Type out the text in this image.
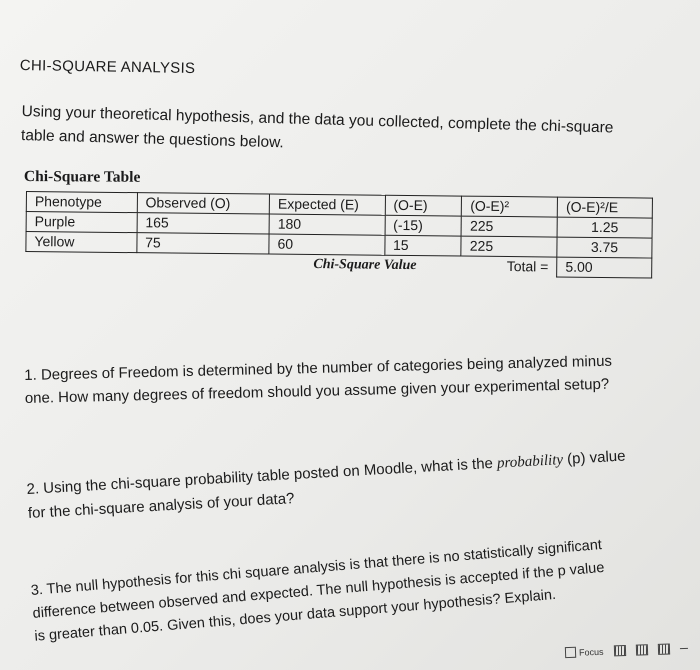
CHI-SQUARE ANALYSIS
Using your theoretical hypothesis, and the data you collected, complete the chi-square table and answer the questions below.
Chi-Square Table
Phenotype	Observed (O)	Expected (E)	(O-E)	(O-E)²	(O-E)²/E
Purple	165	180	(-15)	225	1.25
Yellow	75	60	15	225	3.75
		Chi-Square Value		Total =	5.00
1. Degrees of Freedom is determined by the number of categories being analyzed minus one. How many degrees of freedom should you assume given your experimental setup?
2. Using the chi-square probability table posted on Moodle, what is the probability (p) value for the chi-square analysis of your data?
3. The null hypothesis for this chi square analysis is that there is no statistically significant difference between observed and expected. The null hypothesis is accepted if the p value is greater than 0.05. Given this, does your data support your hypothesis? Explain.
Focus
